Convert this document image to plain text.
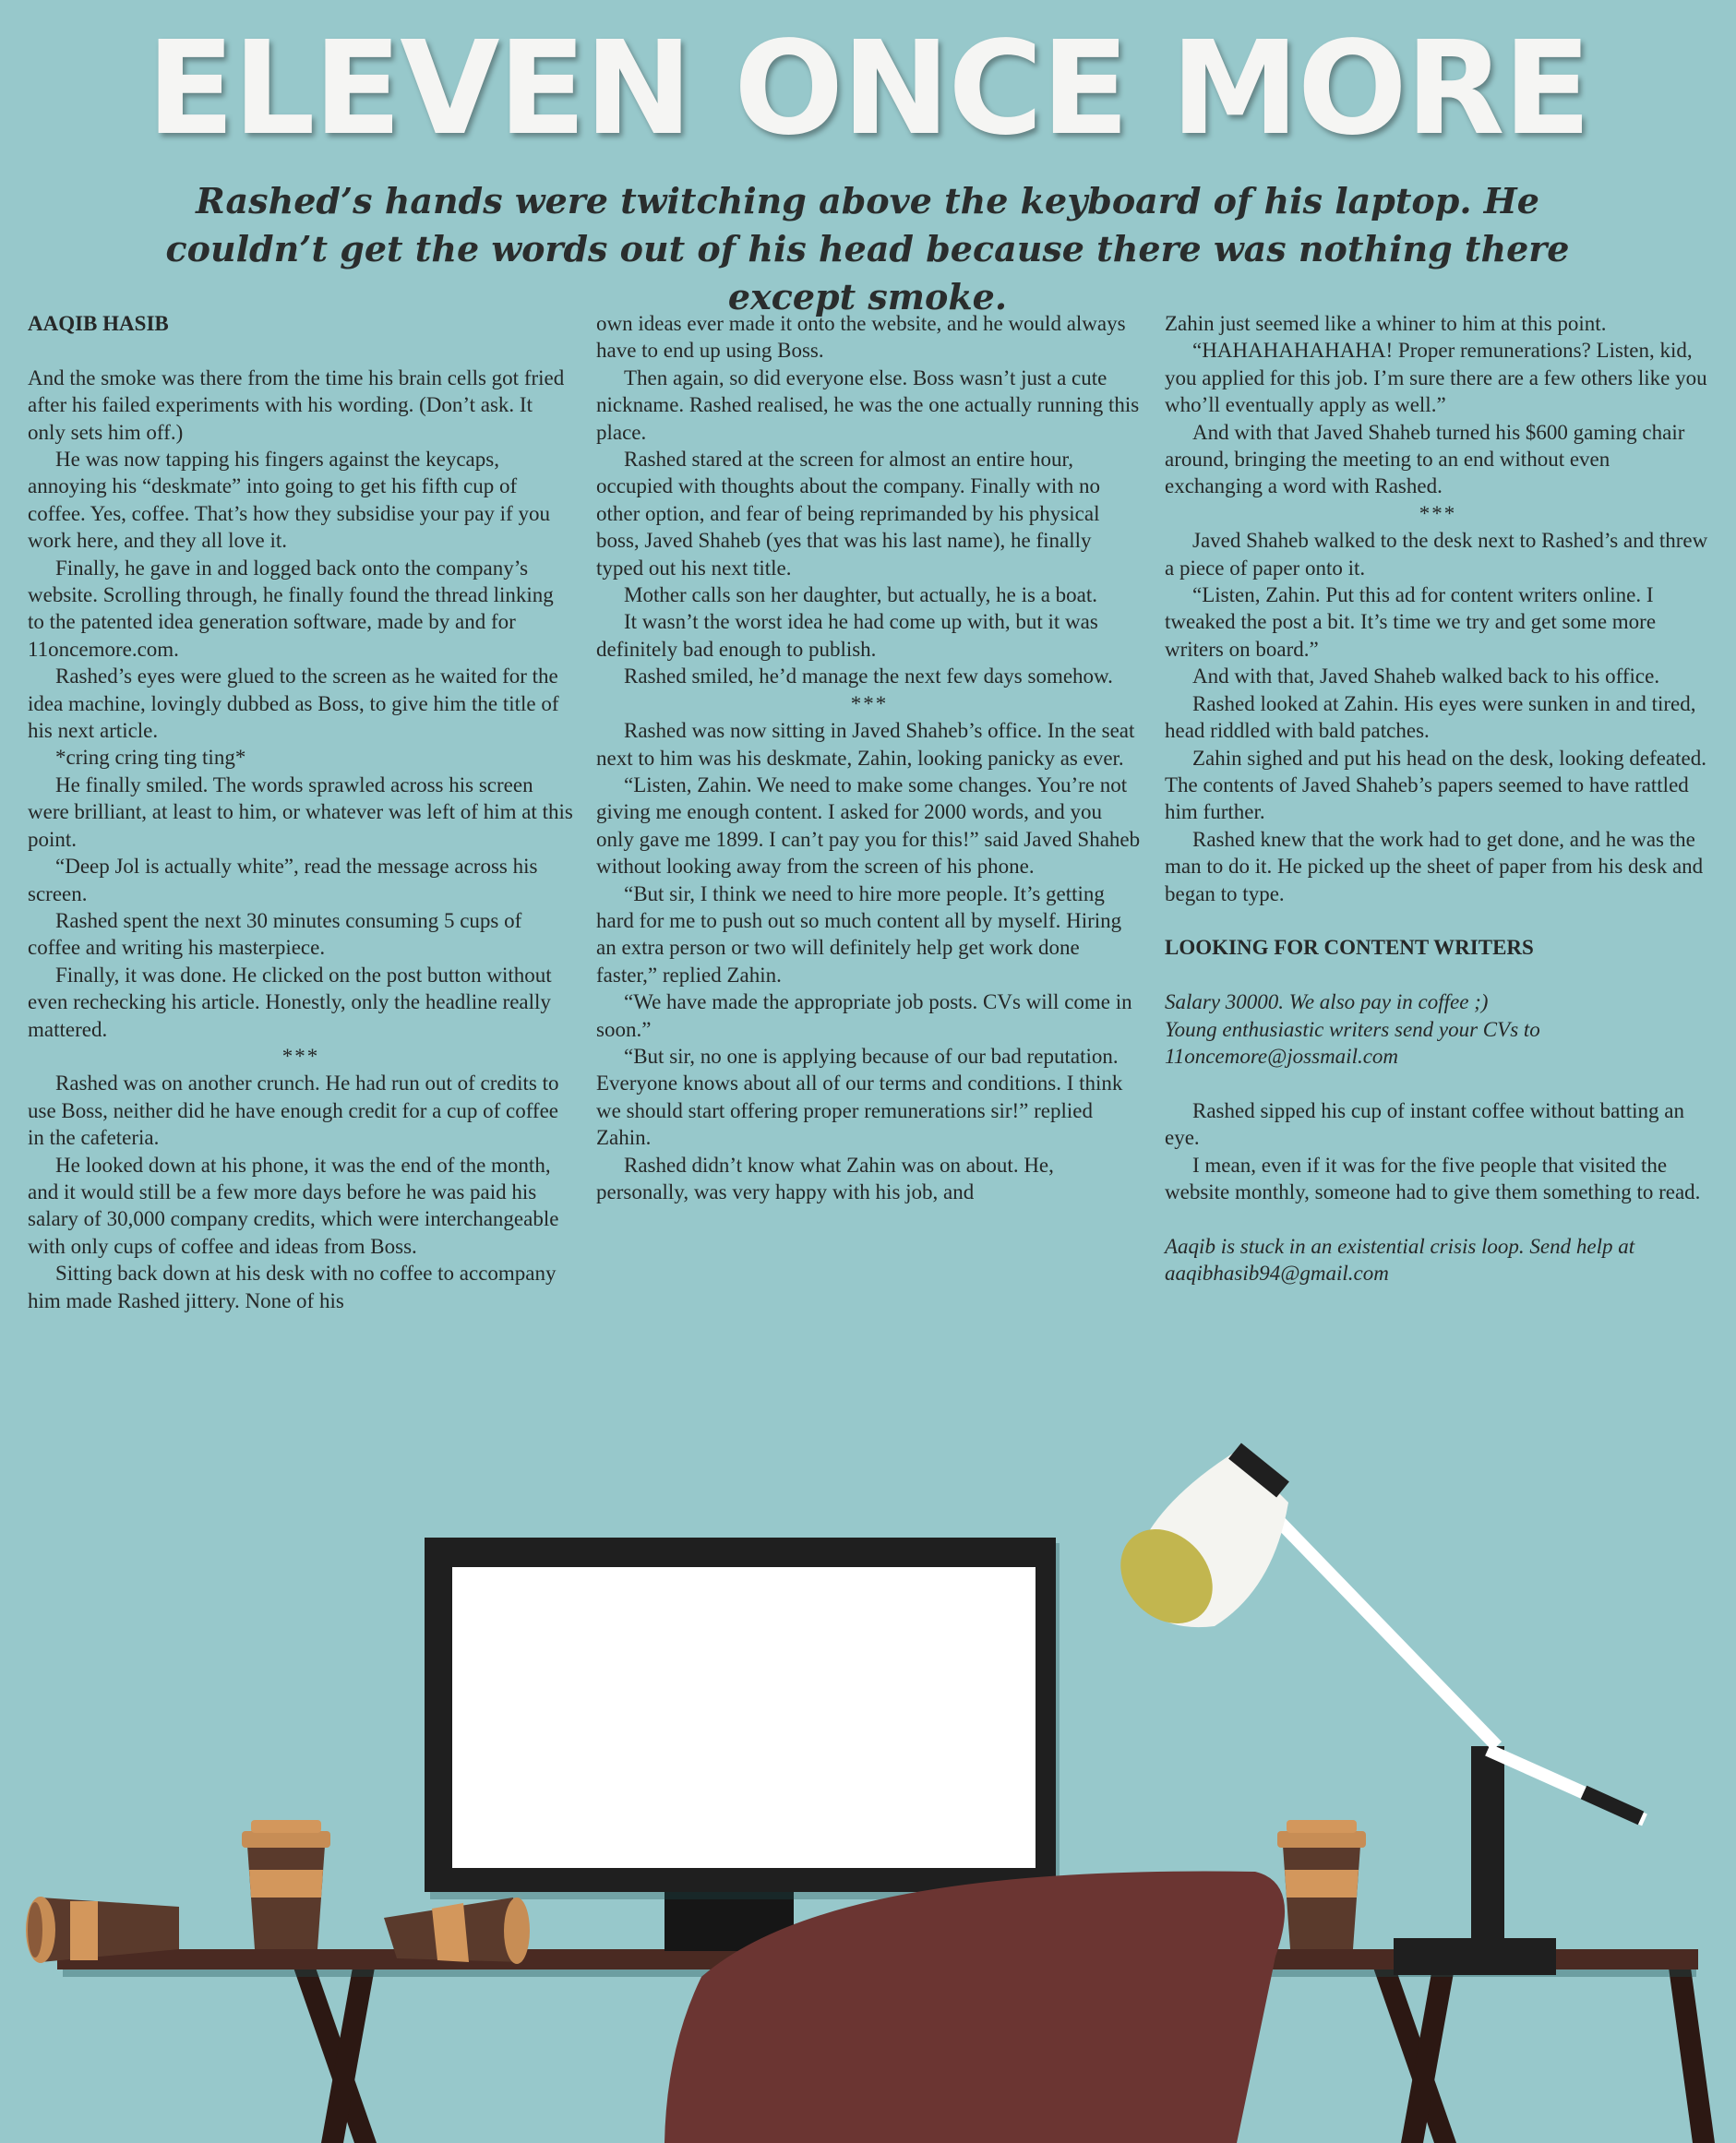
ELEVEN ONCE MORE
Rashed’s hands were twitching above the keyboard of his laptop. He couldn’t get the words out of his head because there was nothing there except smoke.

AAQIB HASIB

And the smoke was there from the time his brain cells got fried after his failed experiments with his wording. (Don’t ask. It only sets him off.)

He was now tapping his fingers against the keycaps, annoying his “deskmate” into going to get his fifth cup of coffee. Yes, coffee. That’s how they subsidise your pay if you work here, and they all love it.

Finally, he gave in and logged back onto the company’s website. Scrolling through, he finally found the thread linking to the patented idea generation software, made by and for 11oncemore.com.

Rashed’s eyes were glued to the screen as he waited for the idea machine, lovingly dubbed as Boss, to give him the title of his next article.

*cring cring ting ting*

He finally smiled. The words sprawled across his screen were brilliant, at least to him, or whatever was left of him at this point.

“Deep Jol is actually white”, read the message across his screen.

Rashed spent the next 30 minutes consuming 5 cups of coffee and writing his masterpiece.

Finally, it was done. He clicked on the post button without even rechecking his article. Honestly, only the headline really mattered.

***

Rashed was on another crunch. He had run out of credits to use Boss, neither did he have enough credit for a cup of coffee in the cafeteria.

He looked down at his phone, it was the end of the month, and it would still be a few more days before he was paid his salary of 30,000 company credits, which were interchangeable with only cups of coffee and ideas from Boss.

Sitting back down at his desk with no coffee to accompany him made Rashed jittery. None of his

own ideas ever made it onto the website, and he would always have to end up using Boss.

Then again, so did everyone else. Boss wasn’t just a cute nickname. Rashed realised, he was the one actually running this place.

Rashed stared at the screen for almost an entire hour, occupied with thoughts about the company. Finally with no other option, and fear of being reprimanded by his physical boss, Javed Shaheb (yes that was his last name), he finally typed out his next title.

Mother calls son her daughter, but actually, he is a boat.

It wasn’t the worst idea he had come up with, but it was definitely bad enough to publish.

Rashed smiled, he’d manage the next few days somehow.

***

Rashed was now sitting in Javed Shaheb’s office. In the seat next to him was his deskmate, Zahin, looking panicky as ever.

“Listen, Zahin. We need to make some changes. You’re not giving me enough content. I asked for 2000 words, and you only gave me 1899. I can’t pay you for this!” said Javed Shaheb without looking away from the screen of his phone.

“But sir, I think we need to hire more people. It’s getting hard for me to push out so much content all by myself. Hiring an extra person or two will definitely help get work done faster,” replied Zahin.

“We have made the appropriate job posts. CVs will come in soon.”

“But sir, no one is applying because of our bad reputation. Everyone knows about all of our terms and conditions. I think we should start offering proper remunerations sir!” replied Zahin.

Rashed didn’t know what Zahin was on about. He, personally, was very happy with his job, and

Zahin just seemed like a whiner to him at this point.

“HAHAHAHAHAHA! Proper remunerations? Listen, kid, you applied for this job. I’m sure there are a few others like you who’ll eventually apply as well.”

And with that Javed Shaheb turned his $600 gaming chair around, bringing the meeting to an end without even exchanging a word with Rashed.

***

Javed Shaheb walked to the desk next to Rashed’s and threw a piece of paper onto it.

“Listen, Zahin. Put this ad for content writers online. I tweaked the post a bit. It’s time we try and get some more writers on board.”

And with that, Javed Shaheb walked back to his office.

Rashed looked at Zahin. His eyes were sunken in and tired, head riddled with bald patches.

Zahin sighed and put his head on the desk, looking defeated. The contents of Javed Shaheb’s papers seemed to have rattled him further.

Rashed knew that the work had to get done, and he was the man to do it. He picked up the sheet of paper from his desk and began to type.

LOOKING FOR CONTENT WRITERS

Salary 30000. We also pay in coffee ;)

Young enthusiastic writers send your CVs to 11oncemore@jossmail.com

Rashed sipped his cup of instant coffee without batting an eye.

I mean, even if it was for the five people that visited the website monthly, someone had to give them something to read.

Aaqib is stuck in an existential crisis loop. Send help at aaqibhasib94@gmail.com
